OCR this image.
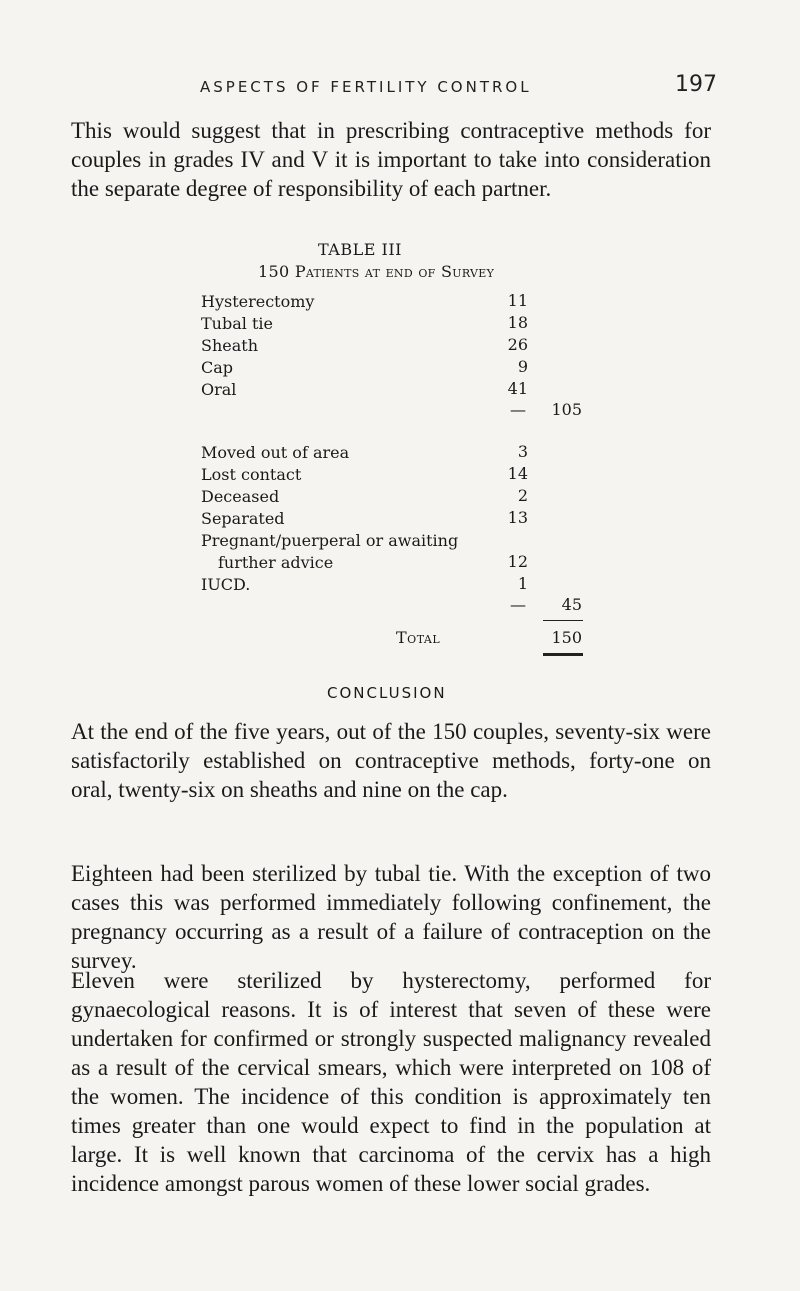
ASPECTS OF FERTILITY CONTROL	197
This would suggest that in prescribing contraceptive methods for couples in grades IV and V it is important to take into consideration the separate degree of responsibility of each partner.
TABLE III
150 Patients at end of Survey
Hysterectomy	11
Tubal tie	18
Sheath	26
Cap	9
Oral	41
—	105
Moved out of area	3
Lost contact	14
Deceased	2
Separated	13
Pregnant/puerperal or awaiting
further advice	12
IUCD.	1
—	45
Total	150
CONCLUSION
At the end of the five years, out of the 150 couples, seventy-six were satisfactorily established on contraceptive methods, forty-one on oral, twenty-six on sheaths and nine on the cap.
Eighteen had been sterilized by tubal tie. With the exception of two cases this was performed immediately following confinement, the pregnancy occurring as a result of a failure of contraception on the survey.
Eleven were sterilized by hysterectomy, performed for gynaecological reasons. It is of interest that seven of these were undertaken for confirmed or strongly suspected malignancy revealed as a result of the cervical smears, which were interpreted on 108 of the women. The incidence of this condition is approximately ten times greater than one would expect to find in the population at large. It is well known that carcinoma of the cervix has a high incidence amongst parous women of these lower social grades.
